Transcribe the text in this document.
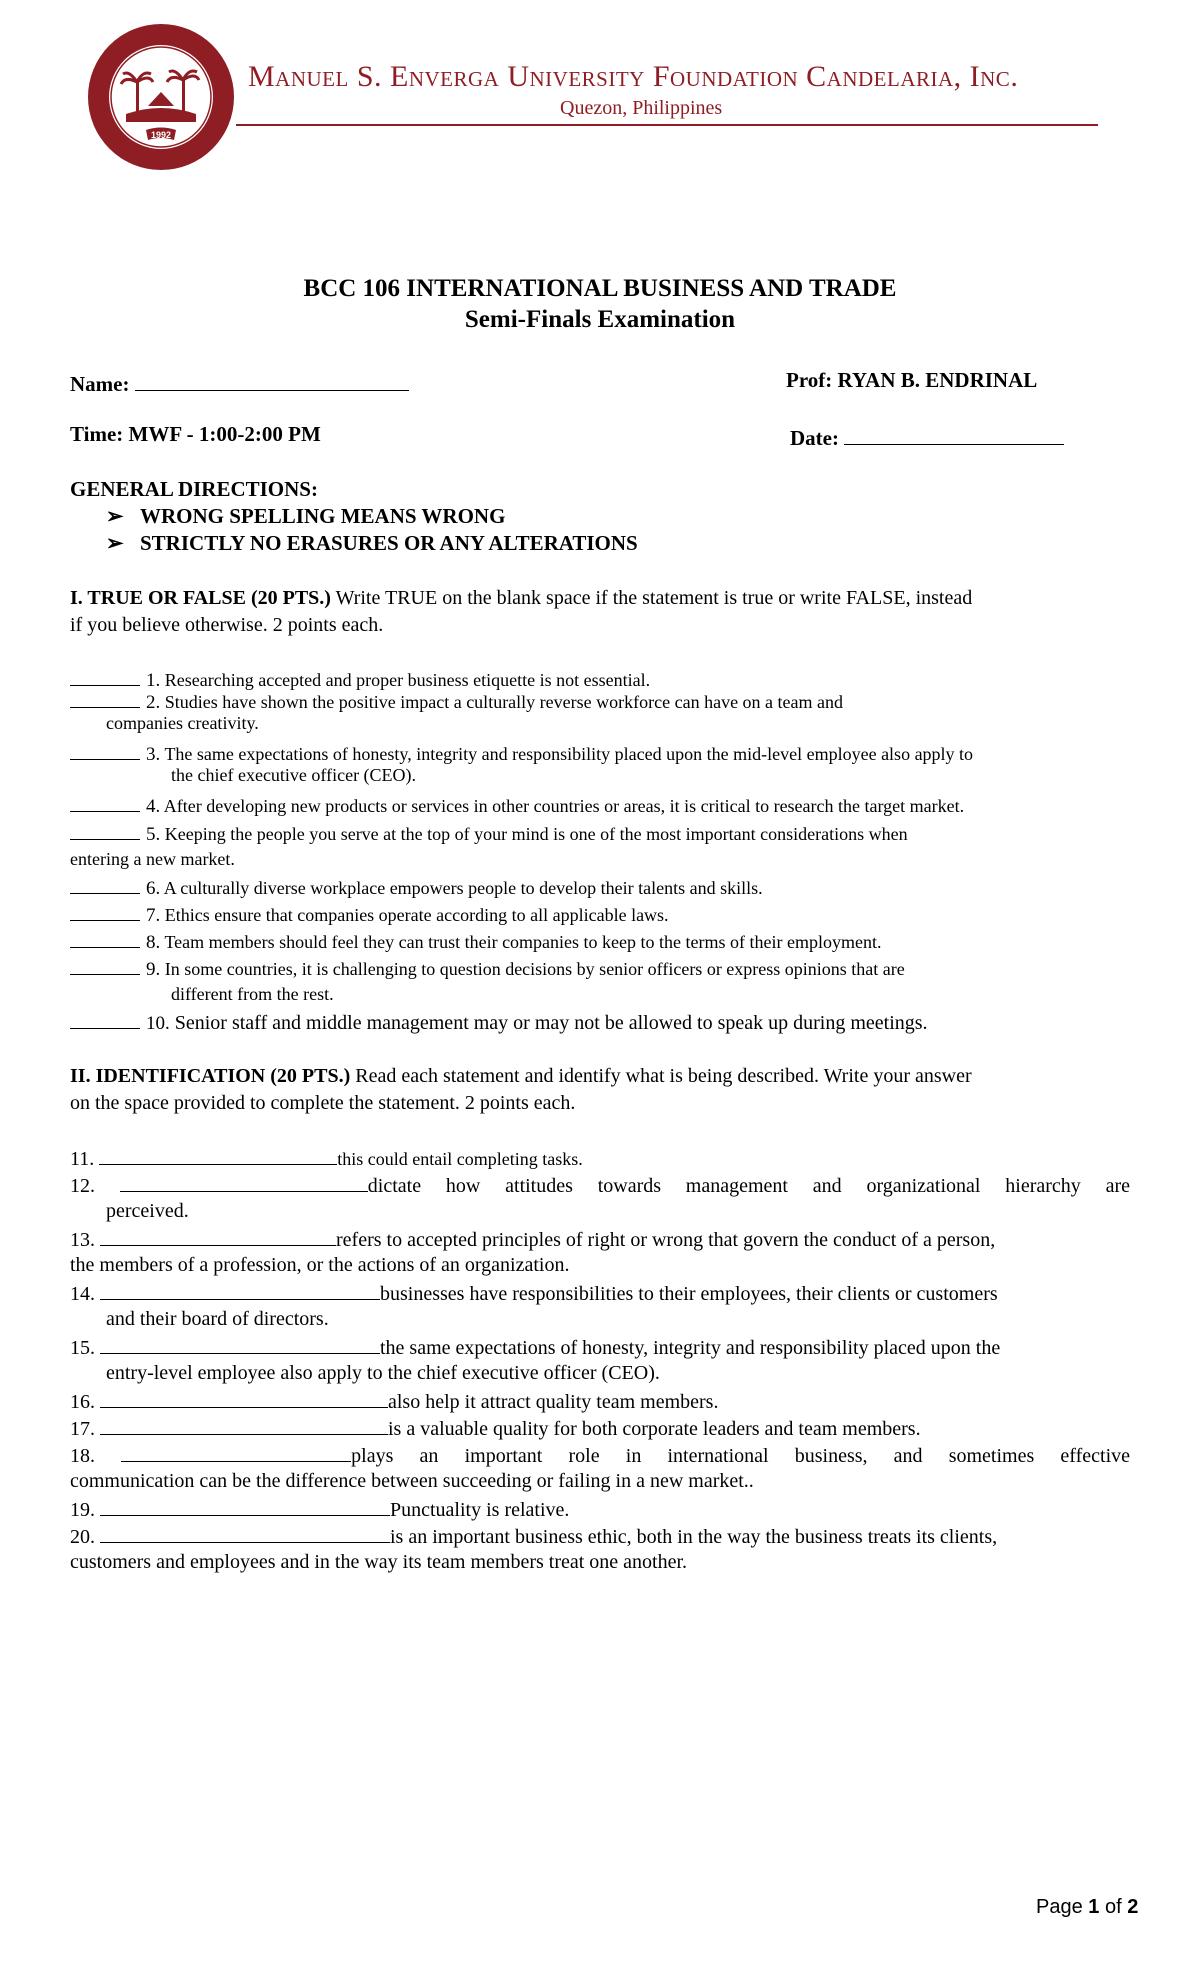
1992
Manuel S. Enverga University Foundation Candelaria, Inc.
Quezon, Philippines
BCC 106 INTERNATIONAL BUSINESS AND TRADE
Semi-Finals Examination
Name:	Prof: RYAN B. ENDRINAL
Time: MWF - 1:00-2:00 PM	Date:
GENERAL DIRECTIONS:
➢ WRONG SPELLING MEANS WRONG
➢ STRICTLY NO ERASURES OR ANY ALTERATIONS
I. TRUE OR FALSE (20 PTS.) Write TRUE on the blank space if the statement is true or write FALSE, instead
if you believe otherwise. 2 points each.
1. Researching accepted and proper business etiquette is not essential.
2. Studies have shown the positive impact a culturally reverse workforce can have on a team and
companies creativity.
3. The same expectations of honesty, integrity and responsibility placed upon the mid-level employee also apply to
the chief executive officer (CEO).
4. After developing new products or services in other countries or areas, it is critical to research the target market.
5. Keeping the people you serve at the top of your mind is one of the most important considerations when
entering a new market.
6. A culturally diverse workplace empowers people to develop their talents and skills.
7. Ethics ensure that companies operate according to all applicable laws.
8. Team members should feel they can trust their companies to keep to the terms of their employment.
9. In some countries, it is challenging to question decisions by senior officers or express opinions that are
different from the rest.
10. Senior staff and middle management may or may not be allowed to speak up during meetings.
II. IDENTIFICATION (20 PTS.) Read each statement and identify what is being described. Write your answer
on the space provided to complete the statement. 2 points each.
11.	this could entail completing tasks.
12.	dictate how attitudes towards management and organizational hierarchy are
perceived.
13.	refers to accepted principles of right or wrong that govern the conduct of a person,
the members of a profession, or the actions of an organization.
14.	businesses have responsibilities to their employees, their clients or customers
and their board of directors.
15.	the same expectations of honesty, integrity and responsibility placed upon the
entry-level employee also apply to the chief executive officer (CEO).
16.	also help it attract quality team members.
17.	is a valuable quality for both corporate leaders and team members.
18.	plays an important role in international business, and sometimes effective
communication can be the difference between succeeding or failing in a new market..
19.	Punctuality is relative.
20.	is an important business ethic, both in the way the business treats its clients,
customers and employees and in the way its team members treat one another.
Page 1 of 2
